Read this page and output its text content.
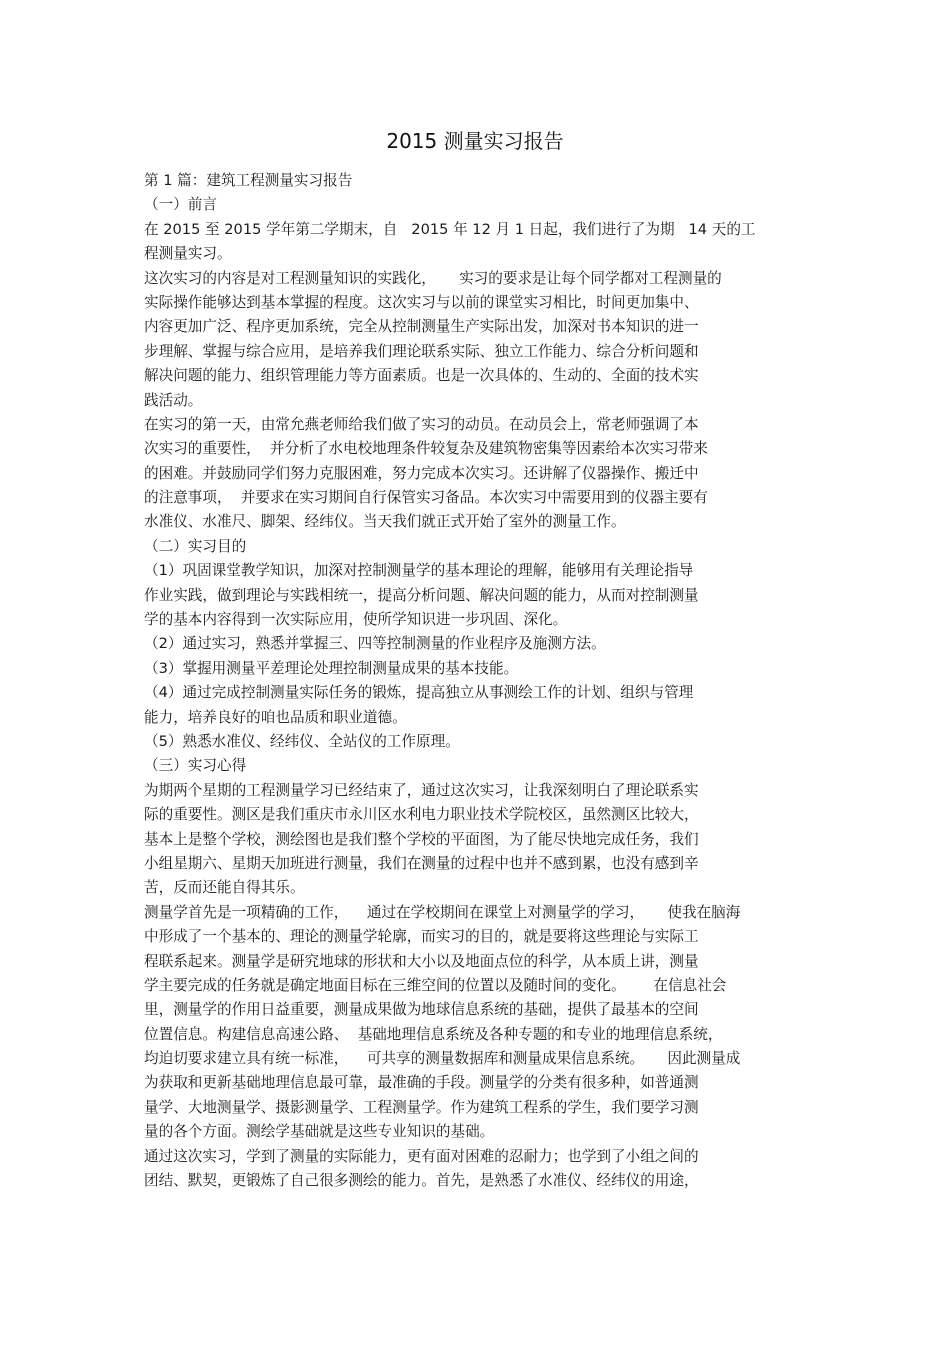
2015 测量实习报告
第 1 篇：建筑工程测量实习报告
（一）前言
在 2015 至 2015 学年第二学期末，自   2015 年 12 月 1 日起，我们进行了为期   14 天的工
程测量实习。
这次实习的内容是对工程测量知识的实践化，     实习的要求是让每个同学都对工程测量的
实际操作能够达到基本掌握的程度。这次实习与以前的课堂实习相比，时间更加集中、
内容更加广泛、程序更加系统，完全从控制测量生产实际出发，加深对书本知识的进一
步理解、掌握与综合应用，是培养我们理论联系实际、独立工作能力、综合分析问题和
解决问题的能力、组织管理能力等方面素质。也是一次具体的、生动的、全面的技术实
践活动。
在实习的第一天，由常允燕老师给我们做了实习的动员。在动员会上，常老师强调了本
次实习的重要性，  并分析了水电校地理条件较复杂及建筑物密集等因素给本次实习带来
的困难。并鼓励同学们努力克服困难，努力完成本次实习。还讲解了仪器操作、搬迁中
的注意事项，  并要求在实习期间自行保管实习备品。本次实习中需要用到的仪器主要有
水准仪、水准尺、脚架、经纬仪。当天我们就正式开始了室外的测量工作。
（二）实习目的
（1）巩固课堂教学知识，加深对控制测量学的基本理论的理解，能够用有关理论指导
作业实践，做到理论与实践相统一，提高分析问题、解决问题的能力，从而对控制测量
学的基本内容得到一次实际应用，使所学知识进一步巩固、深化。
（2）通过实习，熟悉并掌握三、四等控制测量的作业程序及施测方法。
（3）掌握用测量平差理论处理控制测量成果的基本技能。
（4）通过完成控制测量实际任务的锻炼，提高独立从事测绘工作的计划、组织与管理
能力，培养良好的咱也品质和职业道德。
（5）熟悉水准仪、经纬仪、全站仪的工作原理。
（三）实习心得
为期两个星期的工程测量学习已经结束了，通过这次实习，让我深刻明白了理论联系实
际的重要性。测区是我们重庆市永川区水利电力职业技术学院校区，虽然测区比较大，
基本上是整个学校，测绘图也是我们整个学校的平面图，为了能尽快地完成任务，我们
小组星期六、星期天加班进行测量，我们在测量的过程中也并不感到累，也没有感到辛
苦，反而还能自得其乐。
测量学首先是一项精确的工作，    通过在学校期间在课堂上对测量学的学习，     使我在脑海
中形成了一个基本的、理论的测量学轮廓，而实习的目的，就是要将这些理论与实际工
程联系起来。测量学是研究地球的形状和大小以及地面点位的科学，从本质上讲，测量
学主要完成的任务就是确定地面目标在三维空间的位置以及随时间的变化。      在信息社会
里，测量学的作用日益重要，测量成果做为地球信息系统的基础，提供了最基本的空间
位置信息。构建信息高速公路、  基础地理信息系统及各种专题的和专业的地理信息系统，
均迫切要求建立具有统一标准，    可共享的测量数据库和测量成果信息系统。     因此测量成
为获取和更新基础地理信息最可靠，最准确的手段。测量学的分类有很多种，如普通测
量学、大地测量学、摄影测量学、工程测量学。作为建筑工程系的学生，我们要学习测
量的各个方面。测绘学基础就是这些专业知识的基础。
通过这次实习，学到了测量的实际能力，更有面对困难的忍耐力；也学到了小组之间的
团结、默契，更锻炼了自己很多测绘的能力。首先，是熟悉了水准仪、经纬仪的用途，
